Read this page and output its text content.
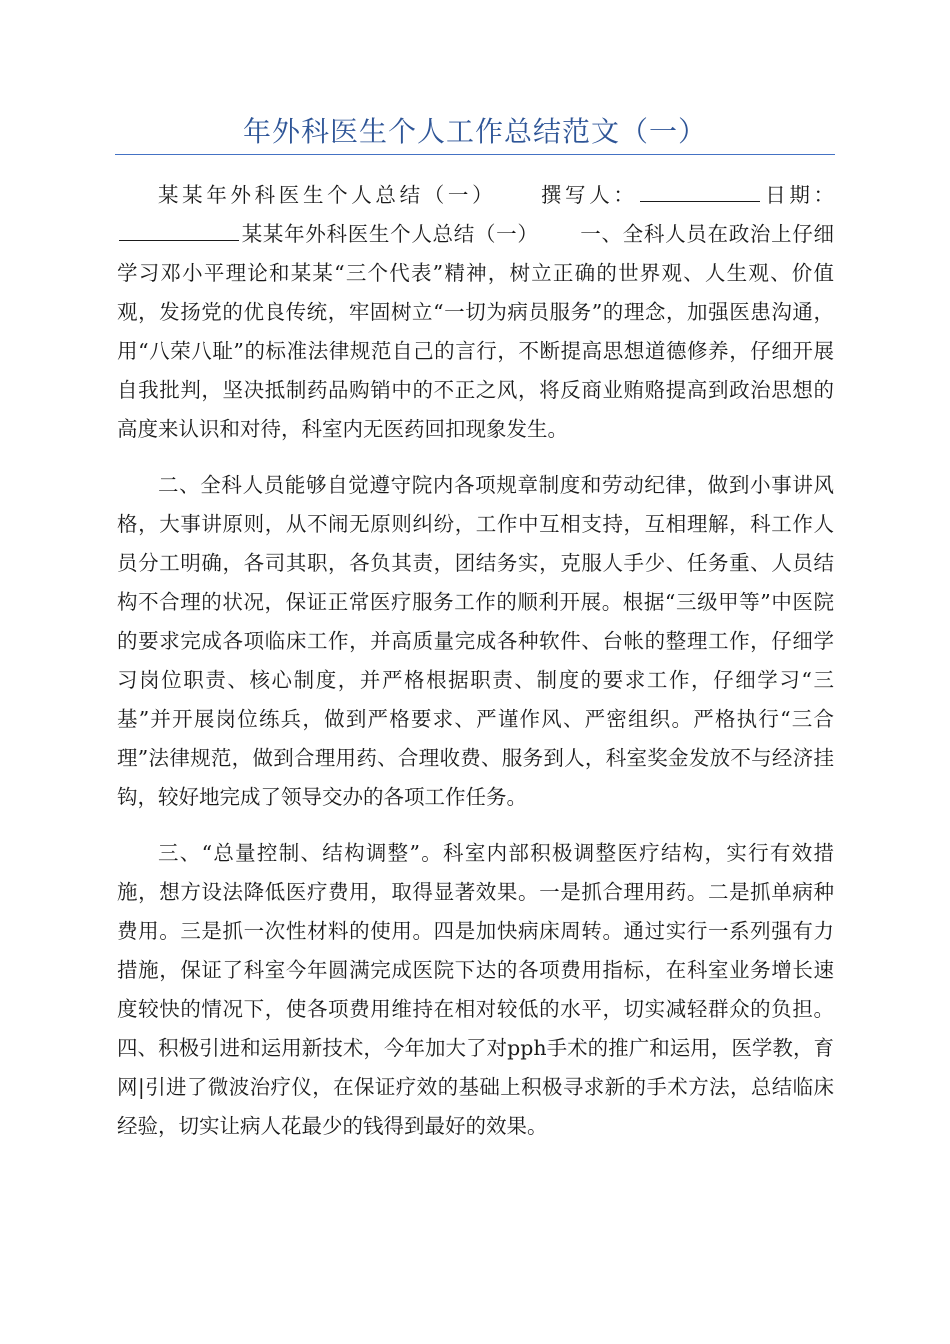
年外科医生个人工作总结范文（一）

某某年外科医生个人总结（一） 撰写人：	日期：某某年外科医生个人总结（一） 一、全科人员在政治上仔细学习邓小平理论和某某“三个代表”精神，树立正确的世界观、人生观、价值观，发扬党的优良传统，牢固树立“一切为病员服务”的理念，加强医患沟通，用“八荣八耻”的标准法律规范自己的言行，不断提高思想道德修养，仔细开展自我批判，坚决抵制药品购销中的不正之风，将反商业贿赂提高到政治思想的高度来认识和对待，科室内无医药回扣现象发生。

二、全科人员能够自觉遵守院内各项规章制度和劳动纪律，做到小事讲风格，大事讲原则，从不闹无原则纠纷，工作中互相支持，互相理解，科工作人员分工明确，各司其职，各负其责，团结务实，克服人手少、任务重、人员结构不合理的状况，保证正常医疗服务工作的顺利开展。根据“三级甲等”中医院的要求完成各项临床工作，并高质量完成各种软件、台帐的整理工作，仔细学习岗位职责、核心制度，并严格根据职责、制度的要求工作，仔细学习“三基”并开展岗位练兵，做到严格要求、严谨作风、严密组织。严格执行“三合理”法律规范，做到合理用药、合理收费、服务到人，科室奖金发放不与经济挂钩，较好地完成了领导交办的各项工作任务。

三、“总量控制、结构调整”。科室内部积极调整医疗结构，实行有效措施，想方设法降低医疗费用，取得显著效果。一是抓合理用药。二是抓单病种费用。三是抓一次性材料的使用。四是加快病床周转。通过实行一系列强有力措施，保证了科室今年圆满完成医院下达的各项费用指标，在科室业务增长速度较快的情况下，使各项费用维持在相对较低的水平，切实减轻群众的负担。四、积极引进和运用新技术，今年加大了对pph手术的推广和运用，医学教，育网|引进了微波治疗仪，在保证疗效的基础上积极寻求新的手术方法，总结临床经验，切实让病人花最少的钱得到最好的效果。
